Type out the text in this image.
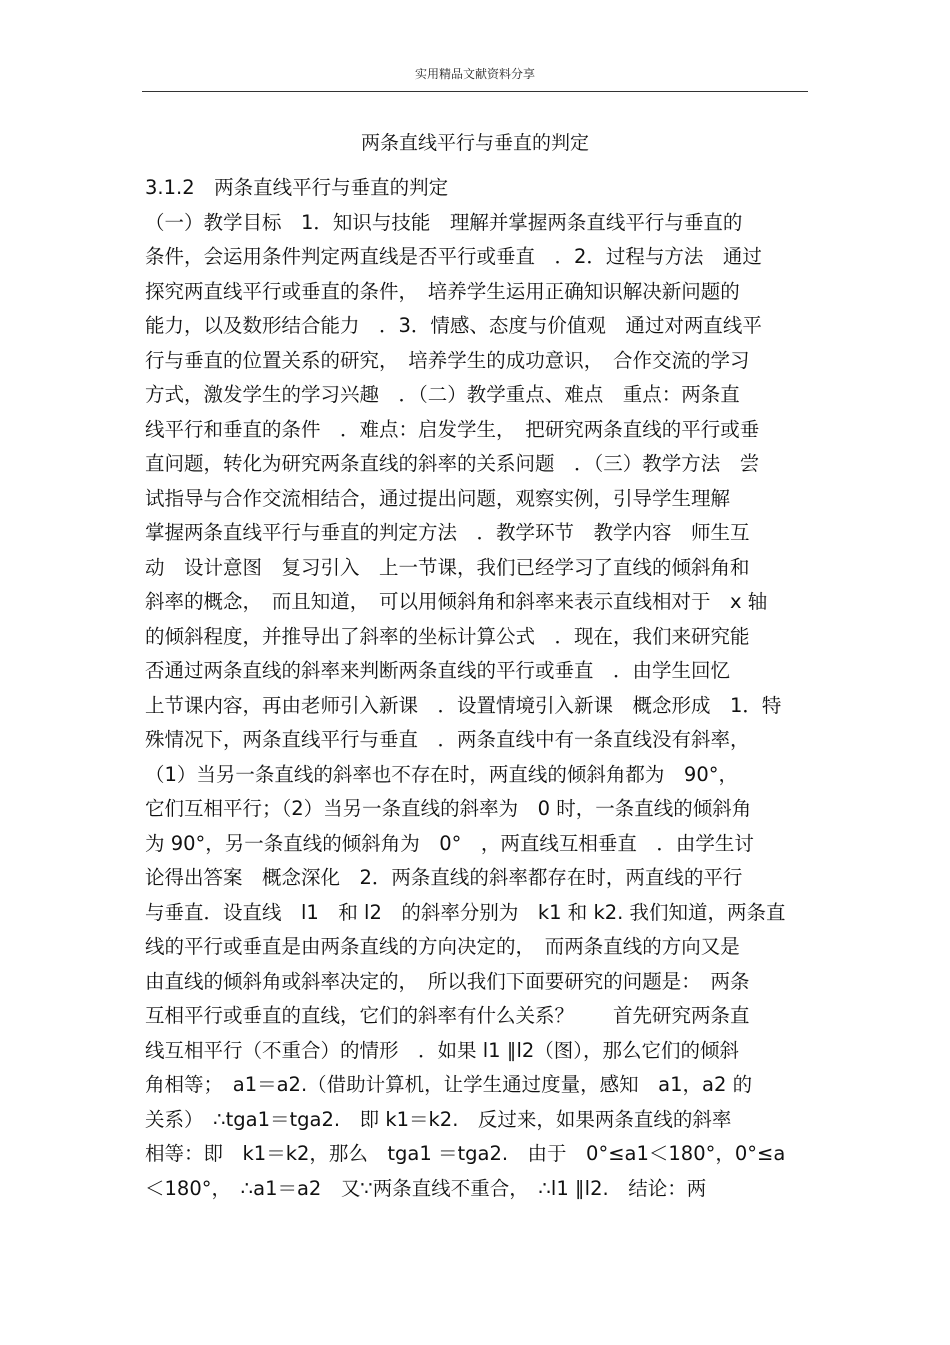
实用精品文献资料分享
两条直线平行与垂直的判定
3.1.2　两条直线平行与垂直的判定
（一）教学目标　1．知识与技能　理解并掌握两条直线平行与垂直的
条件，会运用条件判定两直线是否平行或垂直　．2．过程与方法　通过
探究两直线平行或垂直的条件，　培养学生运用正确知识解决新问题的
能力，以及数形结合能力　．3．情感、态度与价值观　通过对两直线平
行与垂直的位置关系的研究，　培养学生的成功意识，　合作交流的学习
方式，激发学生的学习兴趣　．（二）教学重点、难点　重点：两条直
线平行和垂直的条件　．难点：启发学生，　把研究两条直线的平行或垂
直问题，转化为研究两条直线的斜率的关系问题　．（三）教学方法　尝
试指导与合作交流相结合，通过提出问题，观察实例，引导学生理解
掌握两条直线平行与垂直的判定方法　．教学环节　教学内容　师生互
动　设计意图　复习引入　上一节课，我们已经学习了直线的倾斜角和
斜率的概念，　而且知道，　可以用倾斜角和斜率来表示直线相对于　x 轴
的倾斜程度，并推导出了斜率的坐标计算公式　．现在，我们来研究能
否通过两条直线的斜率来判断两条直线的平行或垂直　．由学生回忆
上节课内容，再由老师引入新课　．设置情境引入新课　概念形成　1．特
殊情况下，两条直线平行与垂直　．两条直线中有一条直线没有斜率，
（1）当另一条直线的斜率也不存在时，两直线的倾斜角都为　90°，
它们互相平行；（2）当另一条直线的斜率为　0 时，一条直线的倾斜角
为 90°，另一条直线的倾斜角为　0°　，两直线互相垂直　．由学生讨
论得出答案　概念深化　2．两条直线的斜率都存在时，两直线的平行
与垂直．设直线　l1　和 l2　的斜率分别为　k1 和 k2. 我们知道，两条直
线的平行或垂直是由两条直线的方向决定的，　而两条直线的方向又是
由直线的倾斜角或斜率决定的，　所以我们下面要研究的问题是：　两条
互相平行或垂直的直线，它们的斜率有什么关系？　　首先研究两条直
线互相平行（不重合）的情形　．如果 l1 ∥l2（图），那么它们的倾斜
角相等；　a1＝a2.（借助计算机，让学生通过度量，感知　a1，a2 的
关系）　∴tga1＝tga2.　即 k1＝k2.　反过来，如果两条直线的斜率
相等：即　k1＝k2，那么　tga1 ＝tga2.　由于　0°≤a1＜180°，0°≤a
＜180°，　∴a1＝a2　又∵两条直线不重合，　∴l1 ∥l2.　结论：两
